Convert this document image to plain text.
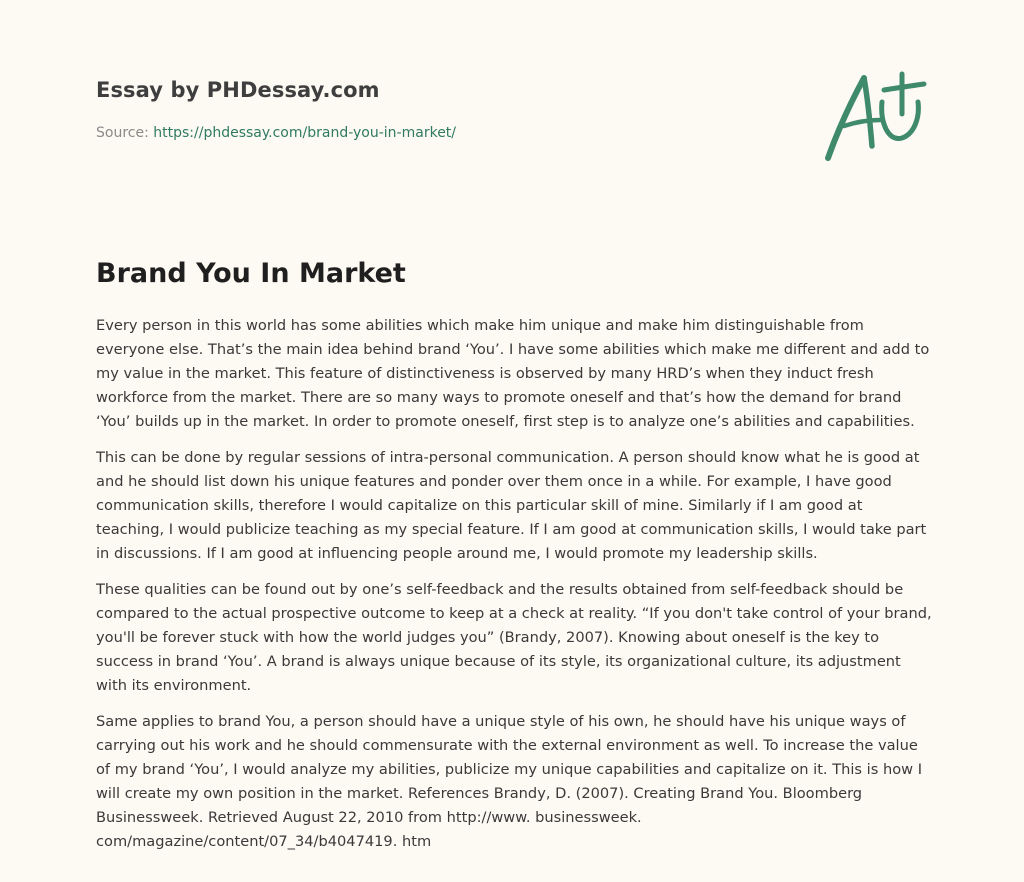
Essay by PHDessay.com

Source: https://phdessay.com/brand-you-in-market/

Brand You In Market

Every person in this world has some abilities which make him unique and make him distinguishable from everyone else. That’s the main idea behind brand ‘You’. I have some abilities which make me different and add to my value in the market. This feature of distinctiveness is observed by many HRD’s when they induct fresh workforce from the market. There are so many ways to promote oneself and that’s how the demand for brand ‘You’ builds up in the market. In order to promote oneself, first step is to analyze one’s abilities and capabilities.

This can be done by regular sessions of intra-personal communication. A person should know what he is good at and he should list down his unique features and ponder over them once in a while. For example, I have good communication skills, therefore I would capitalize on this particular skill of mine. Similarly if I am good at teaching, I would publicize teaching as my special feature. If I am good at communication skills, I would take part in discussions. If I am good at influencing people around me, I would promote my leadership skills.

These qualities can be found out by one’s self-feedback and the results obtained from self-feedback should be compared to the actual prospective outcome to keep at a check at reality. “If you don't take control of your brand, you'll be forever stuck with how the world judges you” (Brandy, 2007). Knowing about oneself is the key to success in brand ‘You’. A brand is always unique because of its style, its organizational culture, its adjustment with its environment.

Same applies to brand You, a person should have a unique style of his own, he should have his unique ways of carrying out his work and he should commensurate with the external environment as well. To increase the value of my brand ‘You’, I would analyze my abilities, publicize my unique capabilities and capitalize on it. This is how I will create my own position in the market. References Brandy, D. (2007). Creating Brand You. Bloomberg Businessweek. Retrieved August 22, 2010 from http://www. businessweek. com/magazine/content/07_34/b4047419. htm
